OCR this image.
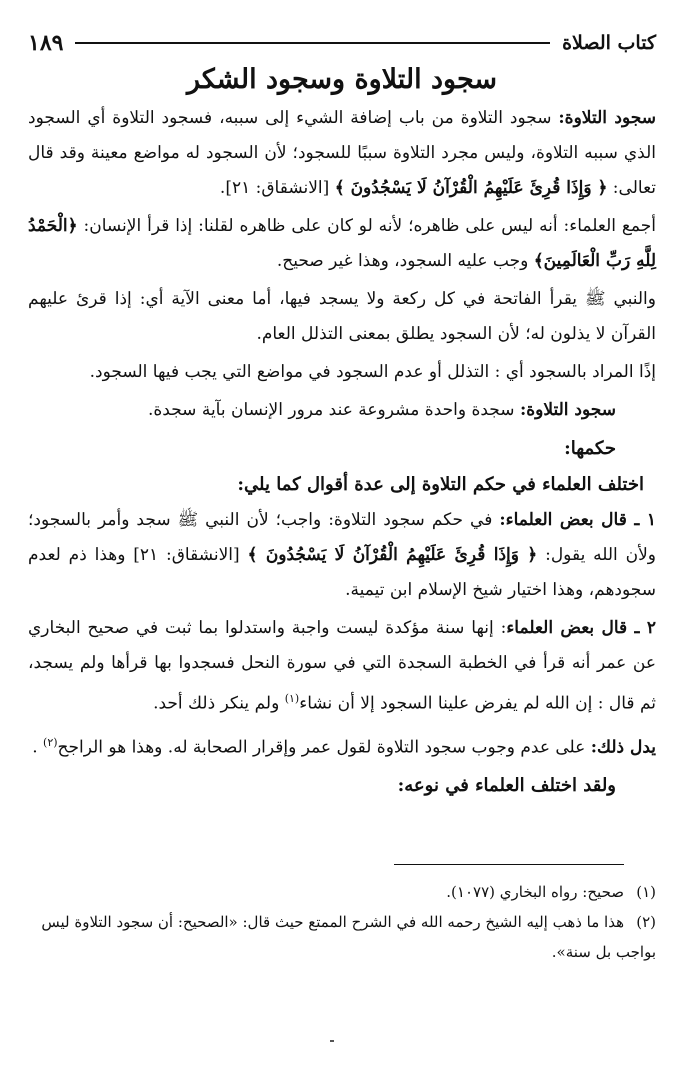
كتاب الصلاة
١٨٩
سجود التلاوة وسجود الشكر

سجود التلاوة: سجود التلاوة من باب إضافة الشيء إلى سببه، فسجود التلاوة أي السجود الذي سببه التلاوة، وليس مجرد التلاوة سببًا للسجود؛ لأن السجود له مواضع معينة وقد قال تعالى: ﴿ وَإِذَا قُرِئَ عَلَيْهِمُ الْقُرْآنُ لَا يَسْجُدُونَ ﴾ [الانشقاق: ٢١].

أجمع العلماء: أنه ليس على ظاهره؛ لأنه لو كان على ظاهره لقلنا: إذا قرأ الإنسان: ﴿الْحَمْدُ لِلَّهِ رَبِّ الْعَالَمِينَ﴾ وجب عليه السجود، وهذا غير صحيح.

والنبي ﷺ يقرأ الفاتحة في كل ركعة ولا يسجد فيها، أما معنى الآية أي: إذا قرئ عليهم القرآن لا يذلون له؛ لأن السجود يطلق بمعنى التذلل العام.

إذًا المراد بالسجود أي : التذلل أو عدم السجود في مواضع التي يجب فيها السجود.

سجود التلاوة: سجدة واحدة مشروعة عند مرور الإنسان بآية سجدة.

حكمها:
اختلف العلماء في حكم التلاوة إلى عدة أقوال كما يلي:

١ ـ قال بعض العلماء: في حكم سجود التلاوة: واجب؛ لأن النبي ﷺ سجد وأمر بالسجود؛ ولأن الله يقول: ﴿ وَإِذَا قُرِئَ عَلَيْهِمُ الْقُرْآنُ لَا يَسْجُدُونَ ﴾ [الانشقاق: ٢١] وهذا ذم لعدم سجودهم، وهذا اختيار شيخ الإسلام ابن تيمية.

٢ ـ قال بعض العلماء: إنها سنة مؤكدة ليست واجبة واستدلوا بما ثبت في صحيح البخاري عن عمر أنه قرأ في الخطبة السجدة التي في سورة النحل فسجدوا بها قرأها ولم يسجد، ثم قال : إن الله لم يفرض علينا السجود إلا أن نشاء$^{(١)}$ ولم ينكر ذلك أحد.

يدل ذلك: على عدم وجوب سجود التلاوة لقول عمر وإقرار الصحابة له. وهذا هو الراجح$^{(٢)}$ .

ولقد اختلف العلماء في نوعه:
(١)صحيح: رواه البخاري (١٠٧٧).
(٢)هذا ما ذهب إليه الشيخ رحمه الله في الشرح الممتع حيث قال: «الصحيح: أن سجود التلاوة ليس بواجب بل سنة».
